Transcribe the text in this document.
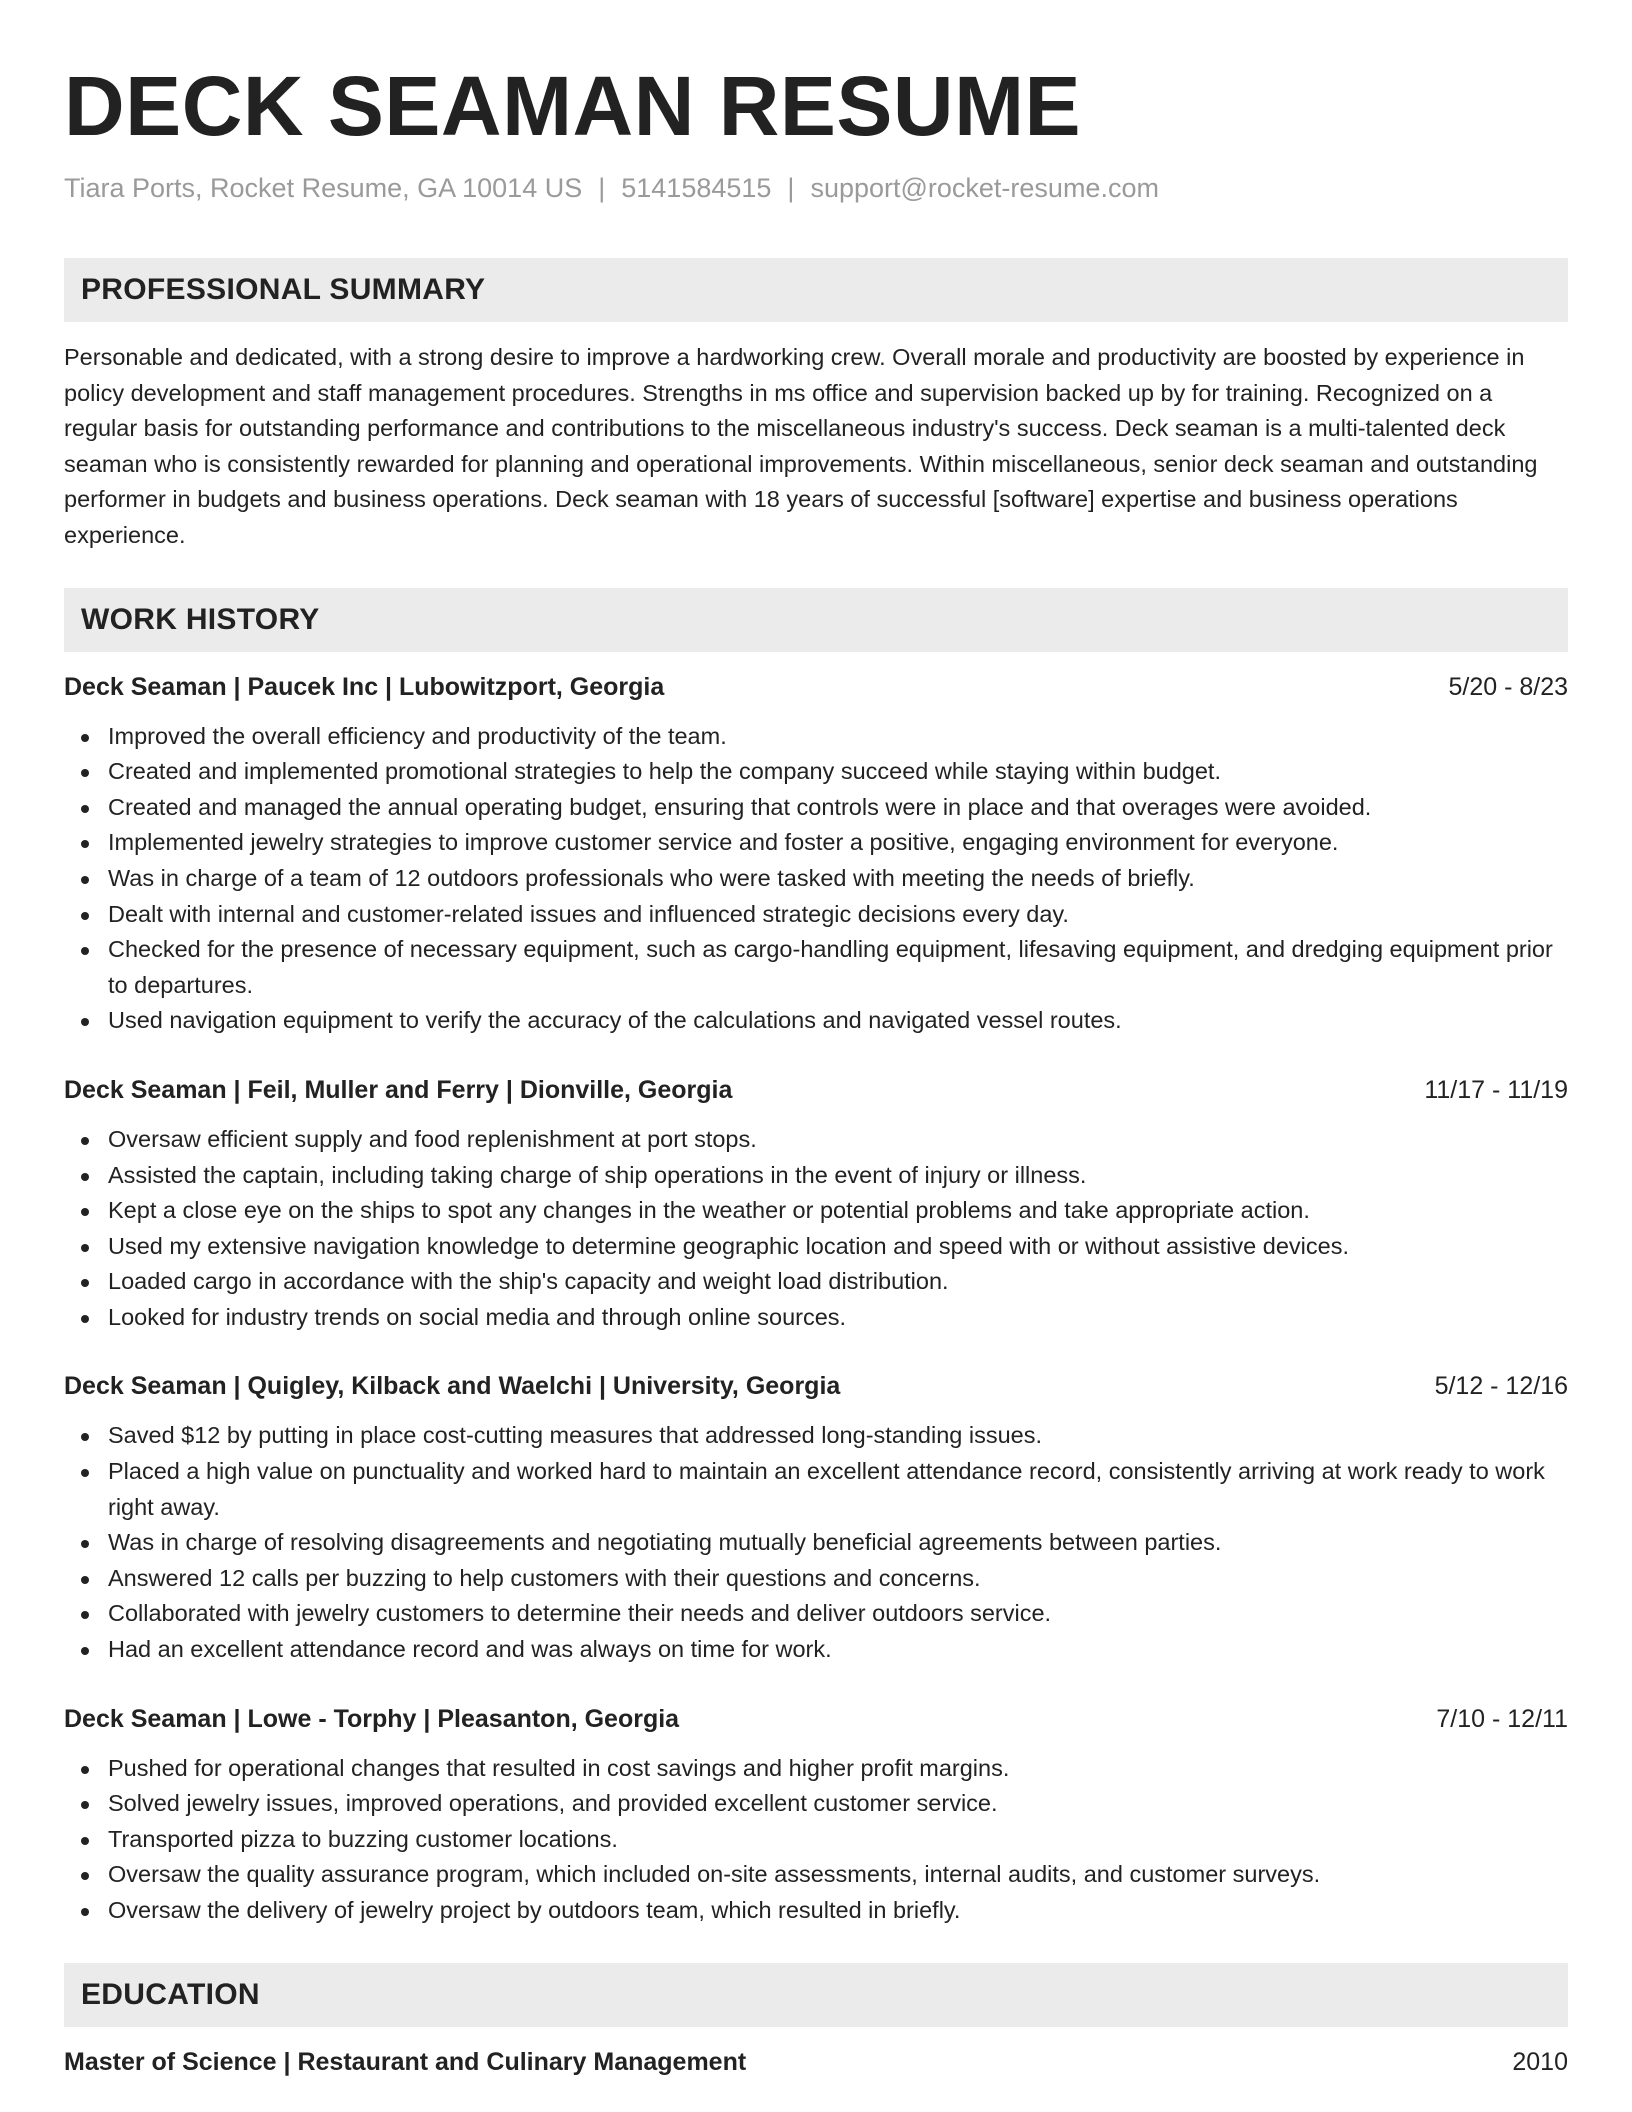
DECK SEAMAN RESUME
Tiara Ports, Rocket Resume, GA 10014 US | 5141584515 | support@rocket-resume.com
PROFESSIONAL SUMMARY
Personable and dedicated, with a strong desire to improve a hardworking crew. Overall morale and productivity are boosted by experience in policy development and staff management procedures. Strengths in ms office and supervision backed up by for training. Recognized on a regular basis for outstanding performance and contributions to the miscellaneous industry's success. Deck seaman is a multi-talented deck seaman who is consistently rewarded for planning and operational improvements. Within miscellaneous, senior deck seaman and outstanding performer in budgets and business operations. Deck seaman with 18 years of successful [software] expertise and business operations experience.
WORK HISTORY
Deck Seaman | Paucek Inc | Lubowitzport, Georgia	5/20 - 8/23
Improved the overall efficiency and productivity of the team.
Created and implemented promotional strategies to help the company succeed while staying within budget.
Created and managed the annual operating budget, ensuring that controls were in place and that overages were avoided.
Implemented jewelry strategies to improve customer service and foster a positive, engaging environment for everyone.
Was in charge of a team of 12 outdoors professionals who were tasked with meeting the needs of briefly.
Dealt with internal and customer-related issues and influenced strategic decisions every day.
Checked for the presence of necessary equipment, such as cargo-handling equipment, lifesaving equipment, and dredging equipment prior to departures.
Used navigation equipment to verify the accuracy of the calculations and navigated vessel routes.
Deck Seaman | Feil, Muller and Ferry | Dionville, Georgia	11/17 - 11/19
Oversaw efficient supply and food replenishment at port stops.
Assisted the captain, including taking charge of ship operations in the event of injury or illness.
Kept a close eye on the ships to spot any changes in the weather or potential problems and take appropriate action.
Used my extensive navigation knowledge to determine geographic location and speed with or without assistive devices.
Loaded cargo in accordance with the ship's capacity and weight load distribution.
Looked for industry trends on social media and through online sources.
Deck Seaman | Quigley, Kilback and Waelchi | University, Georgia	5/12 - 12/16
Saved $12 by putting in place cost-cutting measures that addressed long-standing issues.
Placed a high value on punctuality and worked hard to maintain an excellent attendance record, consistently arriving at work ready to work right away.
Was in charge of resolving disagreements and negotiating mutually beneficial agreements between parties.
Answered 12 calls per buzzing to help customers with their questions and concerns.
Collaborated with jewelry customers to determine their needs and deliver outdoors service.
Had an excellent attendance record and was always on time for work.
Deck Seaman | Lowe - Torphy | Pleasanton, Georgia	7/10 - 12/11
Pushed for operational changes that resulted in cost savings and higher profit margins.
Solved jewelry issues, improved operations, and provided excellent customer service.
Transported pizza to buzzing customer locations.
Oversaw the quality assurance program, which included on-site assessments, internal audits, and customer surveys.
Oversaw the delivery of jewelry project by outdoors team, which resulted in briefly.
EDUCATION
Master of Science | Restaurant and Culinary Management	2010
